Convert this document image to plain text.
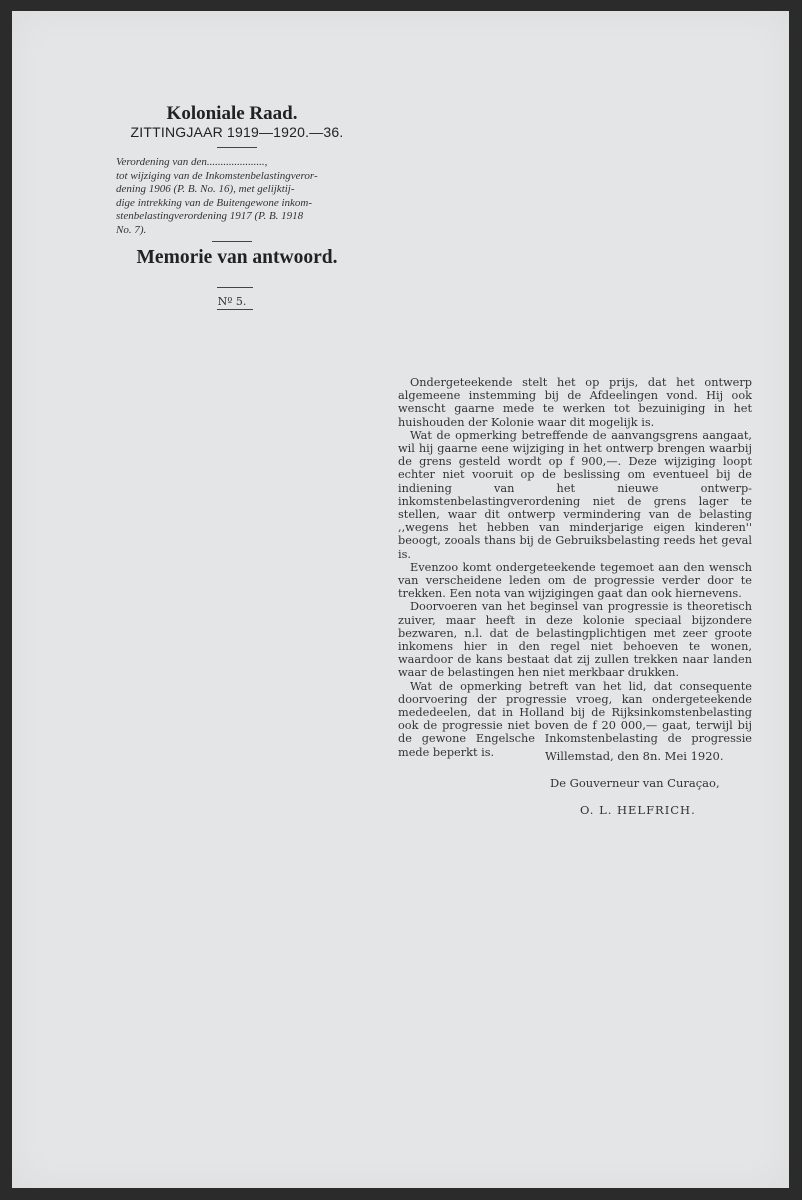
Koloniale Raad.
ZITTINGJAAR 1919—1920.—36.
Verordening van den.....................,
tot wijziging van de Inkomstenbelastingveror-
dening 1906 (P. B. No. 16), met gelijktij-
dige intrekking van de Buitengewone inkom-
stenbelastingverordening 1917 (P. B. 1918
No. 7).
Memorie van antwoord.
Nº 5.

Ondergeteekende stelt het op prijs, dat het ontwerp algemeene instemming bij de Afdeelingen vond. Hij ook wenscht gaarne mede te werken tot bezuiniging in het huishouden der Kolonie waar dit mogelijk is.

Wat de opmerking betreffende de aanvangsgrens aangaat, wil hij gaarne eene wijziging in het ontwerp brengen waarbij de grens gesteld wordt op f 900,—. Deze wijziging loopt echter niet vooruit op de beslissing om eventueel bij de indiening van het nieuwe ontwerp-inkomstenbelastingverordening niet de grens lager te stellen, waar dit ontwerp vermindering van de belasting ,,wegens het hebben van minderjarige eigen kinderen'' beoogt, zooals thans bij de Gebruiksbelasting reeds het geval is.

Evenzoo komt ondergeteekende tegemoet aan den wensch van verscheidene leden om de progressie verder door te trekken. Een nota van wijzigingen gaat dan ook hiernevens.

Doorvoeren van het beginsel van progressie is theoretisch zuiver, maar heeft in deze kolonie speciaal bijzondere bezwaren, n.l. dat de belastingplichtigen met zeer groote inkomens hier in den regel niet behoeven te wonen, waardoor de kans bestaat dat zij zullen trekken naar landen waar de belastingen hen niet merkbaar drukken.

Wat de opmerking betreft van het lid, dat consequente doorvoering der progressie vroeg, kan ondergeteekende mededeelen, dat in Holland bij de Rijksinkomstenbelasting ook de progressie niet boven de f 20 000,— gaat, terwijl bij de gewone Engelsche Inkomstenbelasting de progressie mede beperkt is.	Willemstad, den 8n. Mei 1920.
De Gouverneur van Curaçao,
O. L. HELFRICH.
